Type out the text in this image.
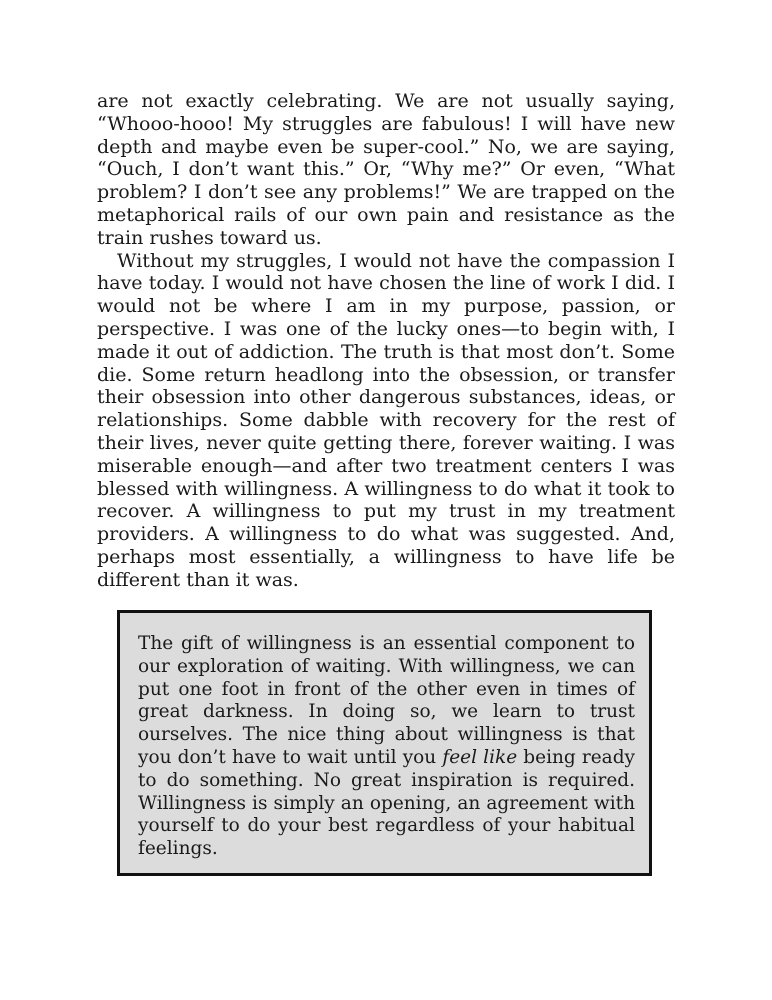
are not exactly celebrating. We are not usually saying, “Whooo-hooo! My struggles are fabulous! I will have new depth and maybe even be super-cool.” No, we are saying, “Ouch, I don’t want this.” Or, “Why me?” Or even, “What problem? I don’t see any problems!” We are trapped on the metaphorical rails of our own pain and resistance as the train rushes toward us.

Without my struggles, I would not have the compassion I have today. I would not have chosen the line of work I did. I would not be where I am in my purpose, passion, or perspective. I was one of the lucky ones—to begin with, I made it out of addiction. The truth is that most don’t. Some die. Some return headlong into the obsession, or transfer their obsession into other dangerous substances, ideas, or relationships. Some dabble with recovery for the rest of their lives, never quite getting there, forever waiting. I was miserable enough—and after two treatment centers I was blessed with willingness. A willingness to do what it took to recover. A willingness to put my trust in my treatment providers. A willingness to do what was suggested. And, perhaps most essentially, a willingness to have life be different than it was.

The gift of willingness is an essential component to our exploration of waiting. With willingness, we can put one foot in front of the other even in times of great darkness. In doing so, we learn to trust ourselves. The nice thing about willingness is that you don’t have to wait until you feel like being ready to do something. No great inspiration is required. Willingness is simply an opening, an agreement with yourself to do your best regardless of your habitual feelings.
